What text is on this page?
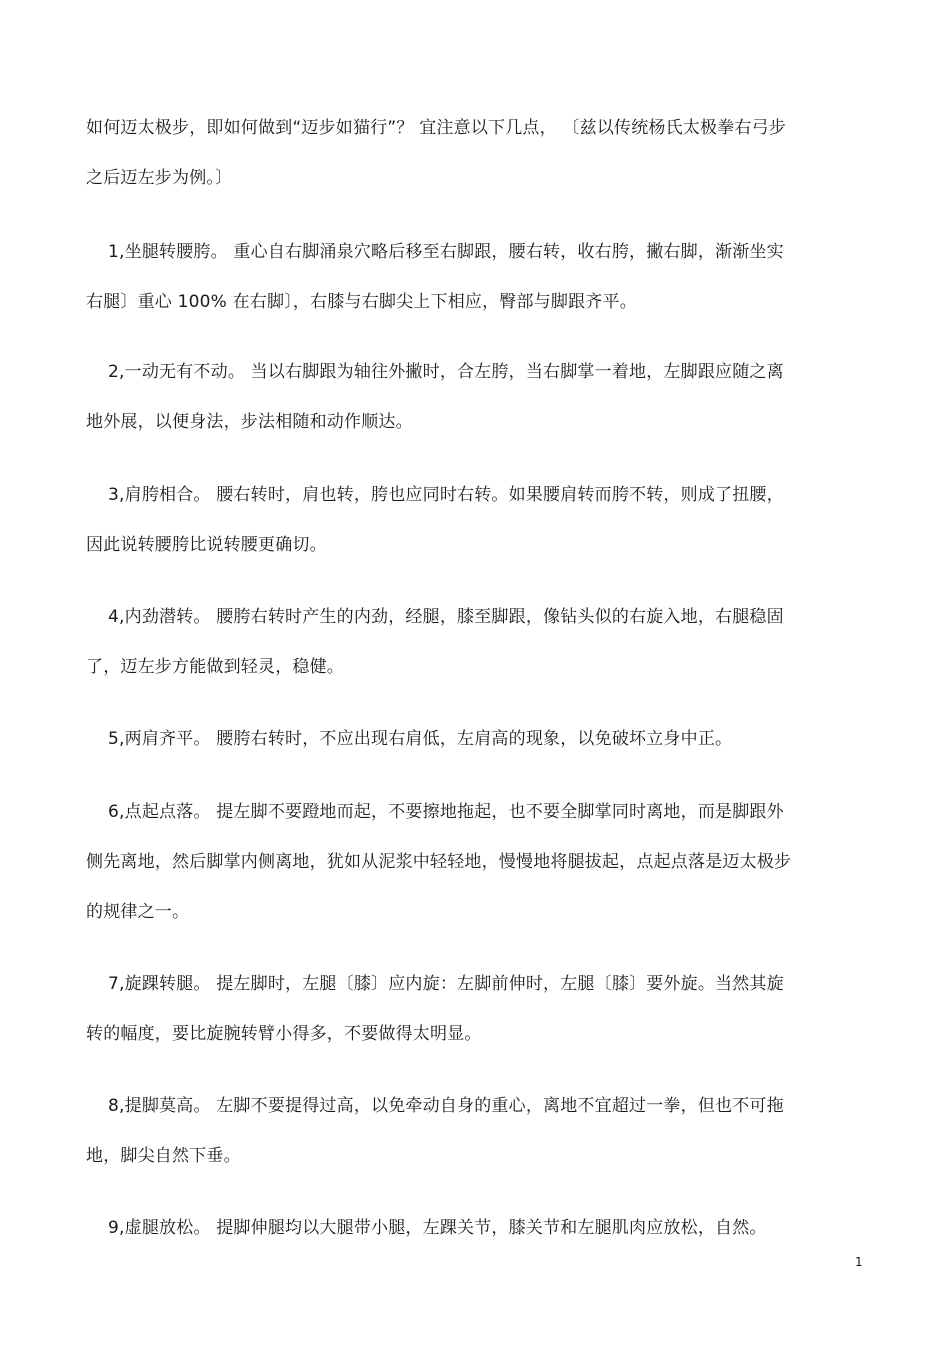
如何迈太极步，即如何做到“迈步如猫行”？ 宜注意以下几点， 〔兹以传统杨氏太极拳右弓步
之后迈左步为例。〕
1,坐腿转腰胯。 重心自右脚涌泉穴略后移至右脚跟，腰右转，收右胯，撇右脚，渐渐坐实
右腿〕重心 100% 在右脚〕，右膝与右脚尖上下相应，臀部与脚跟齐平。
2,一动无有不动。 当以右脚跟为轴往外撇时，合左胯，当右脚掌一着地，左脚跟应随之离
地外展，以便身法，步法相随和动作顺达。
3,肩胯相合。 腰右转时，肩也转，胯也应同时右转。如果腰肩转而胯不转，则成了扭腰，
因此说转腰胯比说转腰更确切。
4,内劲潜转。 腰胯右转时产生的内劲，经腿，膝至脚跟，像钻头似的右旋入地，右腿稳固
了，迈左步方能做到轻灵，稳健。
5,两肩齐平。 腰胯右转时，不应出现右肩低，左肩高的现象，以免破坏立身中正。
6,点起点落。 提左脚不要蹬地而起，不要擦地拖起，也不要全脚掌同时离地，而是脚跟外
侧先离地，然后脚掌内侧离地，犹如从泥浆中轻轻地，慢慢地将腿拔起，点起点落是迈太极步
的规律之一。
7,旋踝转腿。 提左脚时，左腿〔膝〕应内旋：左脚前伸时，左腿〔膝〕要外旋。当然其旋
转的幅度，要比旋腕转臂小得多，不要做得太明显。
8,提脚莫高。 左脚不要提得过高，以免牵动自身的重心，离地不宜超过一拳，但也不可拖
地，脚尖自然下垂。
9,虚腿放松。 提脚伸腿均以大腿带小腿，左踝关节，膝关节和左腿肌肉应放松，自然。
1
